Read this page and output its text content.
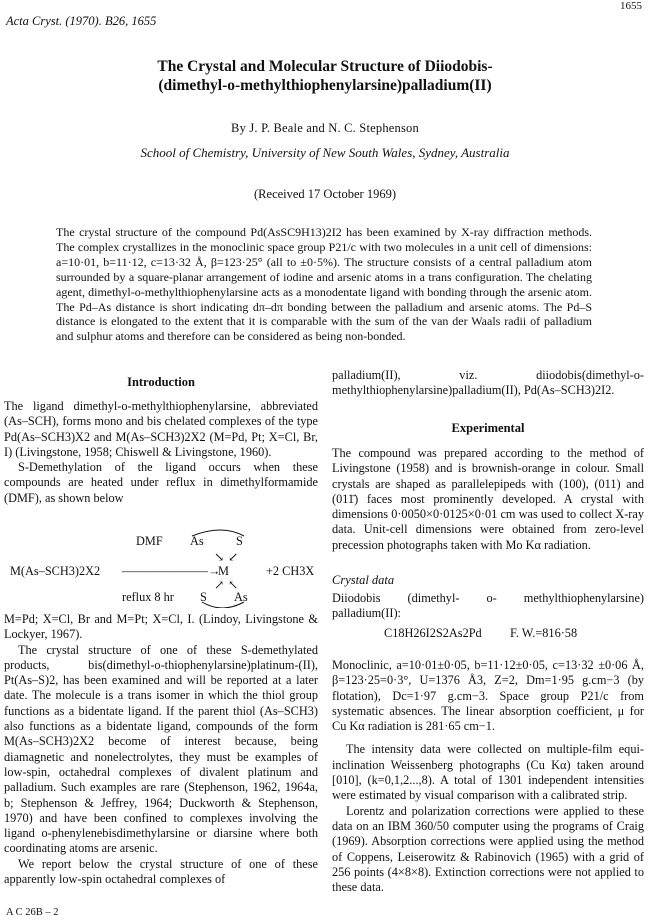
1655
Acta Cryst. (1970). B26, 1655
The Crystal and Molecular Structure of Diiodobis-
(dimethyl-o-methylthiophenylarsine)palladium(II)
By J. P. Beale and N. C. Stephenson
School of Chemistry, University of New South Wales, Sydney, Australia
(Received 17 October 1969)
The crystal structure of the compound Pd(AsSC9H13)2I2 has been examined by X-ray diffraction methods. The complex crystallizes in the monoclinic space group P21/c with two molecules in a unit cell of dimensions: a=10·01, b=11·12, c=13·32 Å, β=123·25° (all to ±0·5%). The structure consists of a central palladium atom surrounded by a square-planar arrangement of iodine and arsenic atoms in a trans configuration. The chelating agent, dimethyl-o-methylthiophenylarsine acts as a monodentate ligand with bonding through the arsenic atom. The Pd–As distance is short indicating dπ–dπ bonding between the palladium and arsenic atoms. The Pd–S distance is elongated to the extent that it is comparable with the sum of the van der Waals radii of palladium and sulphur atoms and therefore can be considered as being non-bonded.
Introduction

The ligand dimethyl-o-methylthiophenylarsine, abbreviated (As–SCH), forms mono and bis chelated complexes of the type Pd(As–SCH3)X2 and M(As–SCH3)2X2 (M=Pd, Pt; X=Cl, Br, I) (Livingstone, 1958; Chiswell & Livingstone, 1960).

S-Demethylation of the ligand occurs when these compounds are heated under reflux in dimethylformamide (DMF), as shown below

DMF As	S
↘ ↙
M(As–SCH3)2X2 ———————→
M	+2 CH3X
↗ ↖
reflux 8 hr S As

M=Pd; X=Cl, Br and M=Pt; X=Cl, I. (Lindoy, Livingstone & Lockyer, 1967).

The crystal structure of one of these S-demethylated products, bis(dimethyl-o-thiophenylarsine)platinum-(II), Pt(As–S)2, has been examined and will be reported at a later date. The molecule is a trans isomer in which the thiol group functions as a bidentate ligand. If the parent thiol (As–SCH3) also functions as a bidentate ligand, compounds of the form M(As–SCH3)2X2 become of interest because, being diamagnetic and nonelectrolytes, they must be examples of low-spin, octahedral complexes of divalent platinum and palladium. Such examples are rare (Stephenson, 1962, 1964a, b; Stephenson & Jeffrey, 1964; Duckworth & Stephenson, 1970) and have been confined to complexes involving the ligand o-phenylenebisdimethylarsine or diarsine where both coordinating atoms are arsenic.

We report below the crystal structure of one of these apparently low-spin octahedral complexes of

palladium(II), viz. diiodobis(dimethyl-o-methylthiophenylarsine)palladium(II), Pd(As–SCH3)2I2.

Experimental

The compound was prepared according to the method of Livingstone (1958) and is brownish-orange in colour. Small crystals are shaped as parallelepipeds with (100), (011) and (011̄) faces most prominently developed. A crystal with dimensions 0·0050×0·0125×0·01 cm was used to collect X-ray data. Unit-cell dimensions were obtained from zero-level precession photographs taken with Mo Kα radiation.

Crystal data

Diiodobis (dimethyl- o- methylthiophenylarsine) palladium(II):

C18H26I2S2As2Pd F. W.=816·58

Monoclinic, a=10·01±0·05, b=11·12±0·05, c=13·32 ±0·06 Å, β=123·25=0·3°, U=1376 Å3, Z=2, Dm=1·95 g.cm−3 (by flotation), Dc=1·97 g.cm−3. Space group P21/c from systematic absences. The linear absorption coefficient, μ for Cu Kα radiation is 281·65 cm−1.

The intensity data were collected on multiple-film equi-inclination Weissenberg photographs (Cu Kα) taken around [010], (k=0,1,2...,8). A total of 1301 independent intensities were estimated by visual comparison with a calibrated strip.

Lorentz and polarization corrections were applied to these data on an IBM 360/50 computer using the programs of Craig (1969). Absorption corrections were applied using the method of Coppens, Leiserowitz & Rabinovich (1965) with a grid of 256 points (4×8×8). Extinction corrections were not applied to these data.

A C 26B – 2
